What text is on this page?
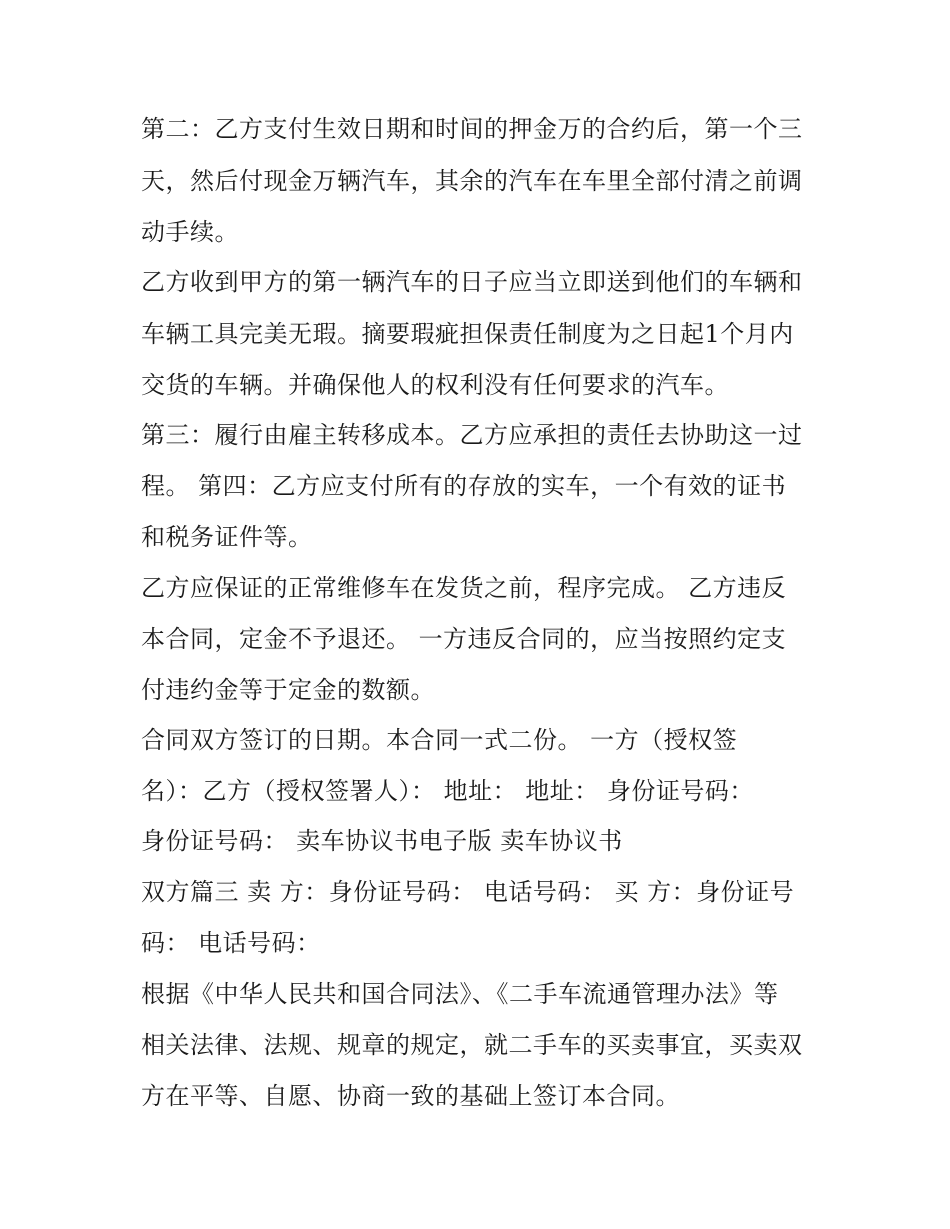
第二：乙方支付生效日期和时间的押金万的合约后，第一个三
天，然后付现金万辆汽车，其余的汽车在车里全部付清之前调
动手续。
乙方收到甲方的第一辆汽车的日子应当立即送到他们的车辆和
车辆工具完美无瑕。摘要瑕疵担保责任制度为之日起1个月内
交货的车辆。并确保他人的权利没有任何要求的汽车。
第三：履行由雇主转移成本。乙方应承担的责任去协助这一过
程。 第四：乙方应支付所有的存放的实车，一个有效的证书
和税务证件等。
乙方应保证的正常维修车在发货之前，程序完成。 乙方违反
本合同，定金不予退还。 一方违反合同的，应当按照约定支
付违约金等于定金的数额。
合同双方签订的日期。本合同一式二份。 一方（授权签
名）：乙方（授权签署人）： 地址： 地址： 身份证号码：
身份证号码： 卖车协议书电子版 卖车协议书
双方篇三 卖 方：身份证号码： 电话号码： 买 方：身份证号
码： 电话号码：
根据《中华人民共和国合同法》、《二手车流通管理办法》等
相关法律、法规、规章的规定，就二手车的买卖事宜，买卖双
方在平等、自愿、协商一致的基础上签订本合同。
